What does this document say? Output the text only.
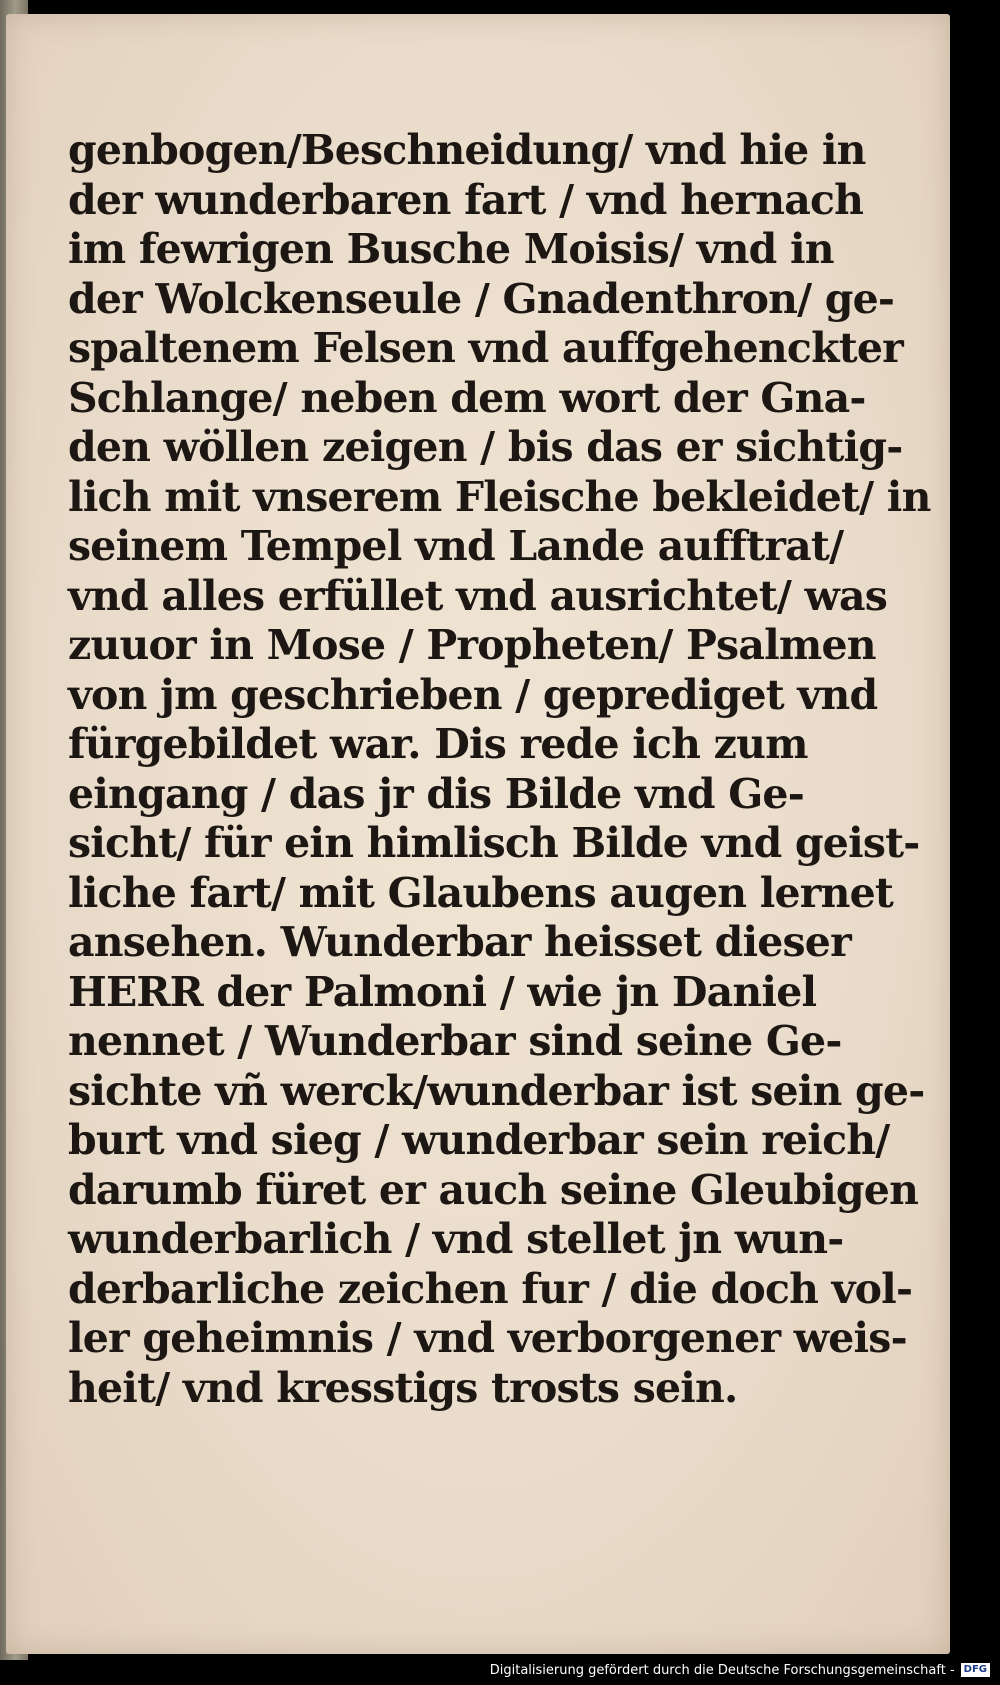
genbogen/Beschneidung/ vnd hie in
der wunderbaren fart / vnd hernach
im fewrigen Busche Moisis/ vnd in
der Wolckenseule / Gnadenthron/ ge-
spaltenem Felsen vnd auffgehenckter
Schlange/ neben dem wort der Gna-
den wöllen zeigen / bis das er sichtig-
lich mit vnserem Fleische bekleidet/ in
seinem Tempel vnd Lande aufftrat/
vnd alles erfüllet vnd ausrichtet/ was
zuuor in Mose / Propheten/ Psalmen
von jm geschrieben / geprediget vnd
fürgebildet war. Dis rede ich zum
eingang / das jr dis Bilde vnd Ge-
sicht/ für ein himlisch Bilde vnd geist-
liche fart/ mit Glaubens augen lernet
ansehen. Wunderbar heisset dieser
HERR der Palmoni / wie jn Daniel
nennet / Wunderbar sind seine Ge-
sichte vñ werck/wunderbar ist sein ge-
burt vnd sieg / wunderbar sein reich/
darumb füret er auch seine Gleubigen
wunderbarlich / vnd stellet jn wun-
derbarliche zeichen fur / die doch vol-
ler geheimnis / vnd verborgener weis-
heit/ vnd kresstigs trosts sein.
Digitalisierung gefördert durch die Deutsche Forschungsgemeinschaft - DFG
